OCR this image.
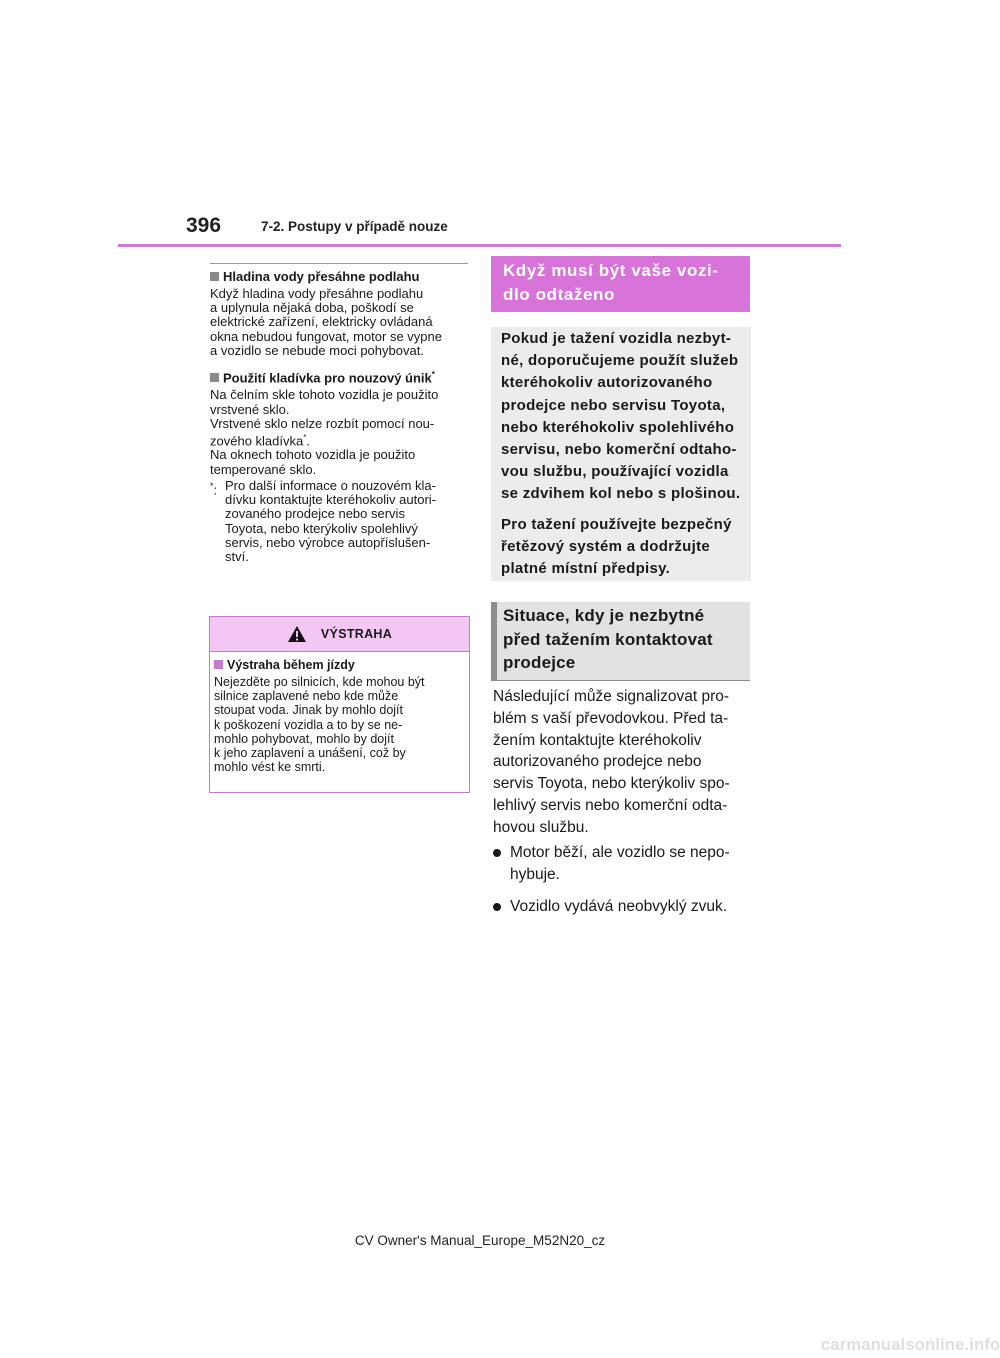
396	7-2. Postupy v případě nouze

Hladina vody přesáhne podlahu

Když hladina vody přesáhne podlahu
a uplynula nějaká doba, poškodí se
elektrické zařízení, elektricky ovládaná
okna nebudou fungovat, motor se vypne
a vozidlo se nebude moci pohybovat.

Použití kladívka pro nouzový únik*

Na čelním skle tohoto vozidla je použito
vrstvené sklo.
Vrstvené sklo nelze rozbít pomocí nou-
zového kladívka*.

Na oknech tohoto vozidla je použito
temperované sklo.

*: Pro další informace o nouzovém kla-
dívku kontaktujte kteréhokoliv autori-
zovaného prodejce nebo servis
Toyota, nebo kterýkoliv spolehlivý
servis, nebo výrobce autopříslušen-
ství.
VÝSTRAHA

Výstraha během jízdy

Nejezděte po silnicích, kde mohou být
silnice zaplavené nebo kde může
stoupat voda. Jinak by mohlo dojít
k poškození vozidla a to by se ne-
mohlo pohybovat, mohlo by dojít
k jeho zaplavení a unášení, což by
mohlo vést ke smrti.

Když musí být vaše vozi-
dlo odtaženo

Pokud je tažení vozidla nezbyt-
né, doporučujeme použít služeb
kteréhokoliv autorizovaného
prodejce nebo servisu Toyota,
nebo kteréhokoliv spolehlivého
servisu, nebo komerční odtaho-
vou službu, používající vozidla
se zdvihem kol nebo s plošinou.

Pro tažení používejte bezpečný
řetězový systém a dodržujte
platné místní předpisy.

Situace, kdy je nezbytné
před tažením kontaktovat
prodejce

Následující může signalizovat pro-
blém s vaší převodovkou. Před ta-
žením kontaktujte kteréhokoliv
autorizovaného prodejce nebo
servis Toyota, nebo kterýkoliv spo-
lehlivý servis nebo komerční odta-
hovou službu.

Motor běží, ale vozidlo se nepo-
hybuje.
Vozidlo vydává neobvyklý zvuk.
CV Owner's Manual_Europe_M52N20_cz
carmanualsonline.info
